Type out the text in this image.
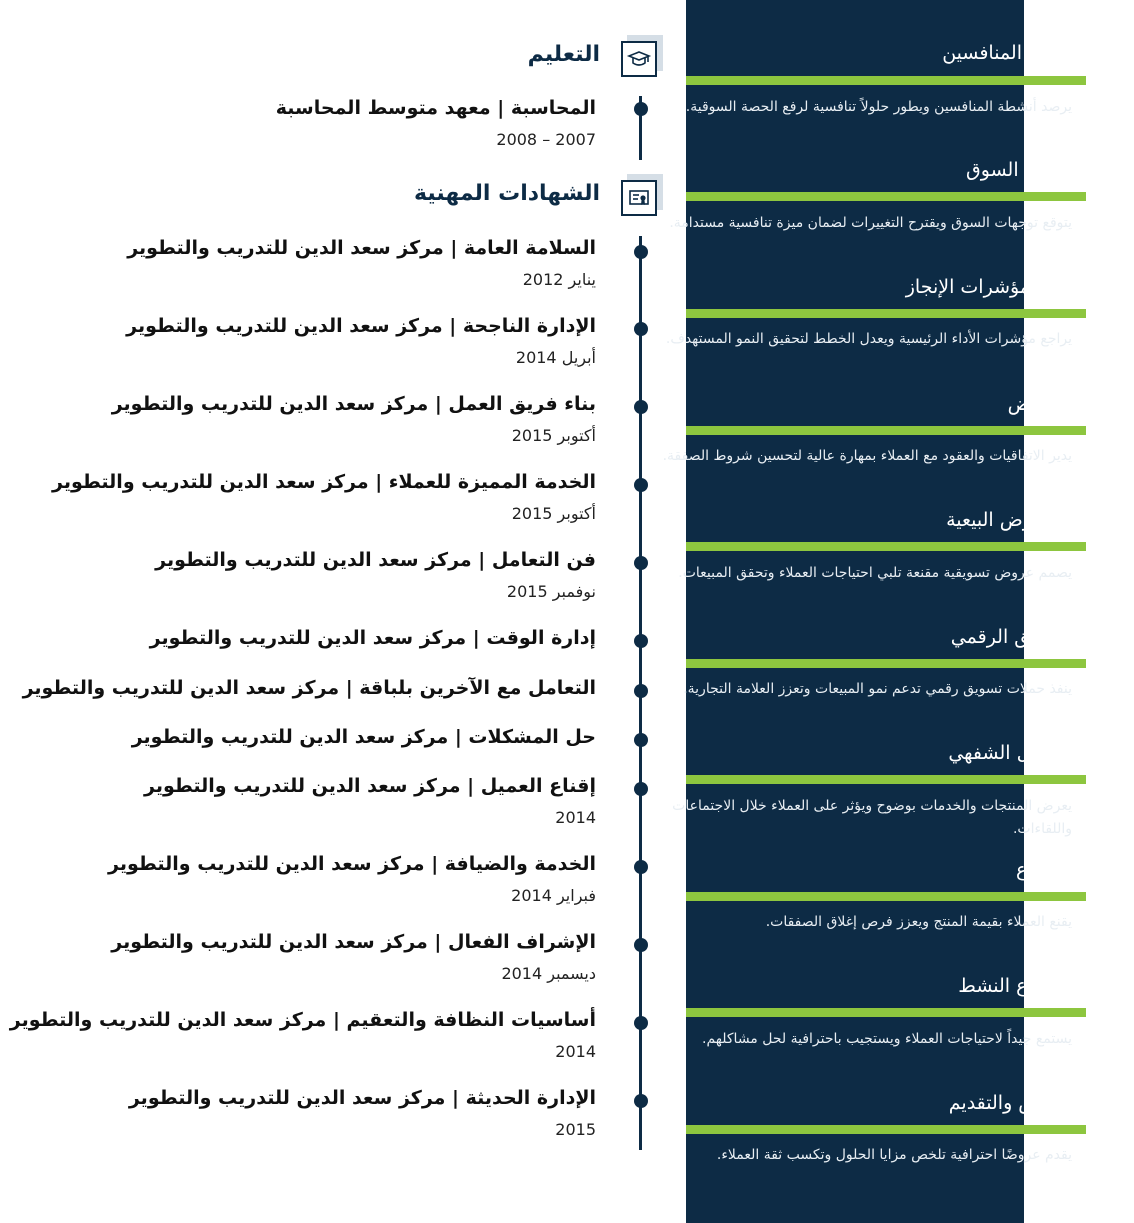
تحليل المنافسين
يرصد أنشطة المنافسين ويطور حلولاً تنافسية لرفع الحصة السوقية.
استشراف السوق
يتوقع توجهات السوق ويقترح التغييرات لضمان ميزة تنافسية مستدامة.
تحليل الأداء ومؤشرات الإنجاز
يراجع مؤشرات الأداء الرئيسية ويعدل الخطط لتحقيق النمو المستهدف.
التفاوض
يدير الاتفاقيات والعقود مع العملاء بمهارة عالية لتحسين شروط الصفقة.
إعداد العروض البيعية
يصمم عروض تسويقية مقنعة تلبي احتياجات العملاء وتحقق المبيعات.
التسويق الرقمي
ينفذ حملات تسويق رقمي تدعم نمو المبيعات وتعزز العلامة التجارية.
التواصل الشفهي
يعرض المنتجات والخدمات بوضوح ويؤثر على العملاء خلال الاجتماعات واللقاءات.
الإقناع
يقنع العملاء بقيمة المنتج ويعزز فرص إغلاق الصفقات.
الاستماع النشط
يستمع جيداً لاحتياجات العملاء ويستجيب باحترافية لحل مشاكلهم.
العرض والتقديم
يقدم عروضًا احترافية تلخص مزايا الحلول وتكسب ثقة العملاء.
التعليم
المحاسبة | معهد متوسط المحاسبة
2007 – 2008
الشهادات المهنية
السلامة العامة | مركز سعد الدين للتدريب والتطوير
يناير 2012
الإدارة الناجحة | مركز سعد الدين للتدريب والتطوير
أبريل 2014
بناء فريق العمل | مركز سعد الدين للتدريب والتطوير
أكتوبر 2015
الخدمة المميزة للعملاء | مركز سعد الدين للتدريب والتطوير
أكتوبر 2015
فن التعامل | مركز سعد الدين للتدريب والتطوير
نوفمبر 2015
إدارة الوقت | مركز سعد الدين للتدريب والتطوير
التعامل مع الآخرين بلباقة | مركز سعد الدين للتدريب والتطوير
حل المشكلات | مركز سعد الدين للتدريب والتطوير
إقناع العميل | مركز سعد الدين للتدريب والتطوير
2014
الخدمة والضيافة | مركز سعد الدين للتدريب والتطوير
فبراير 2014
الإشراف الفعال | مركز سعد الدين للتدريب والتطوير
ديسمبر 2014
أساسيات النظافة والتعقيم | مركز سعد الدين للتدريب والتطوير
2014
الإدارة الحديثة | مركز سعد الدين للتدريب والتطوير
2015
